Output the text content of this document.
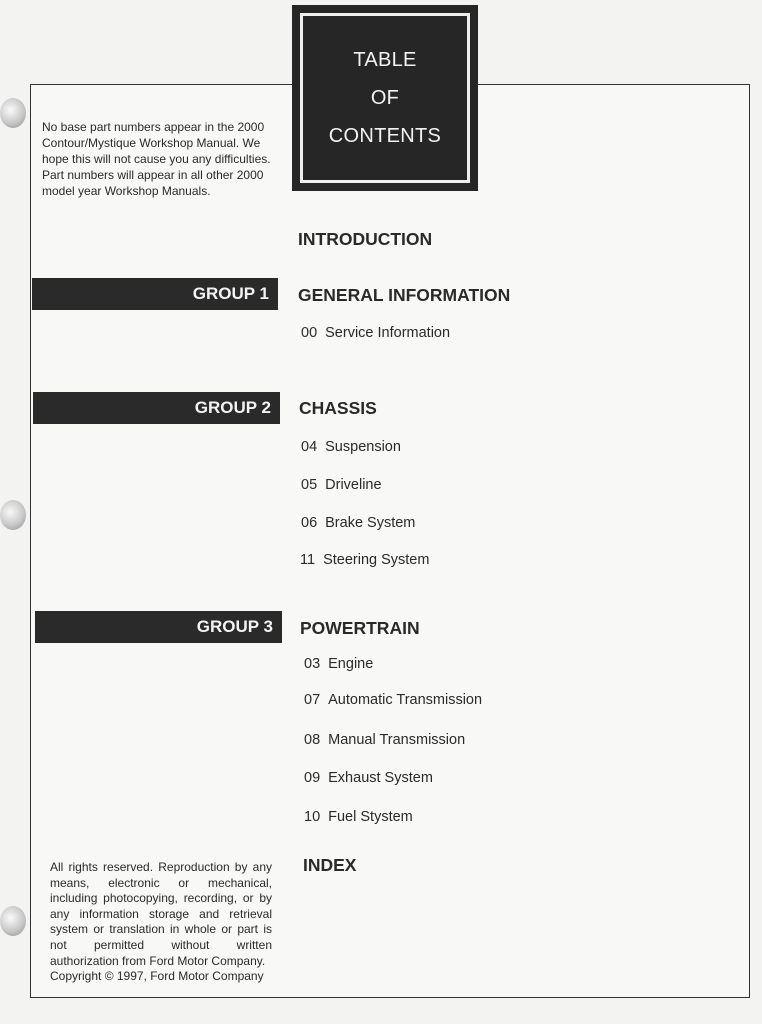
TABLE
OF
CONTENTS
No base part numbers appear in the 2000 Contour/Mystique Workshop Manual. We hope this will not cause you any difficulties. Part numbers will appear in all other 2000 model year Workshop Manuals.
INTRODUCTION
GROUP 1	GENERAL INFORMATION
00 Service Information
GROUP 2	CHASSIS
04 Suspension
05 Driveline
06 Brake System
11 Steering System
GROUP 3	POWERTRAIN
03 Engine
07 Automatic Transmission
08 Manual Transmission
09 Exhaust System
10 Fuel Stystem
INDEX
All rights reserved. Reproduction by any means, electronic or mechanical, including photocopying, recording, or by any information storage and retrieval system or translation in whole or part is not permitted without written authorization from Ford Motor Company.
Copyright © 1997, Ford Motor Company
